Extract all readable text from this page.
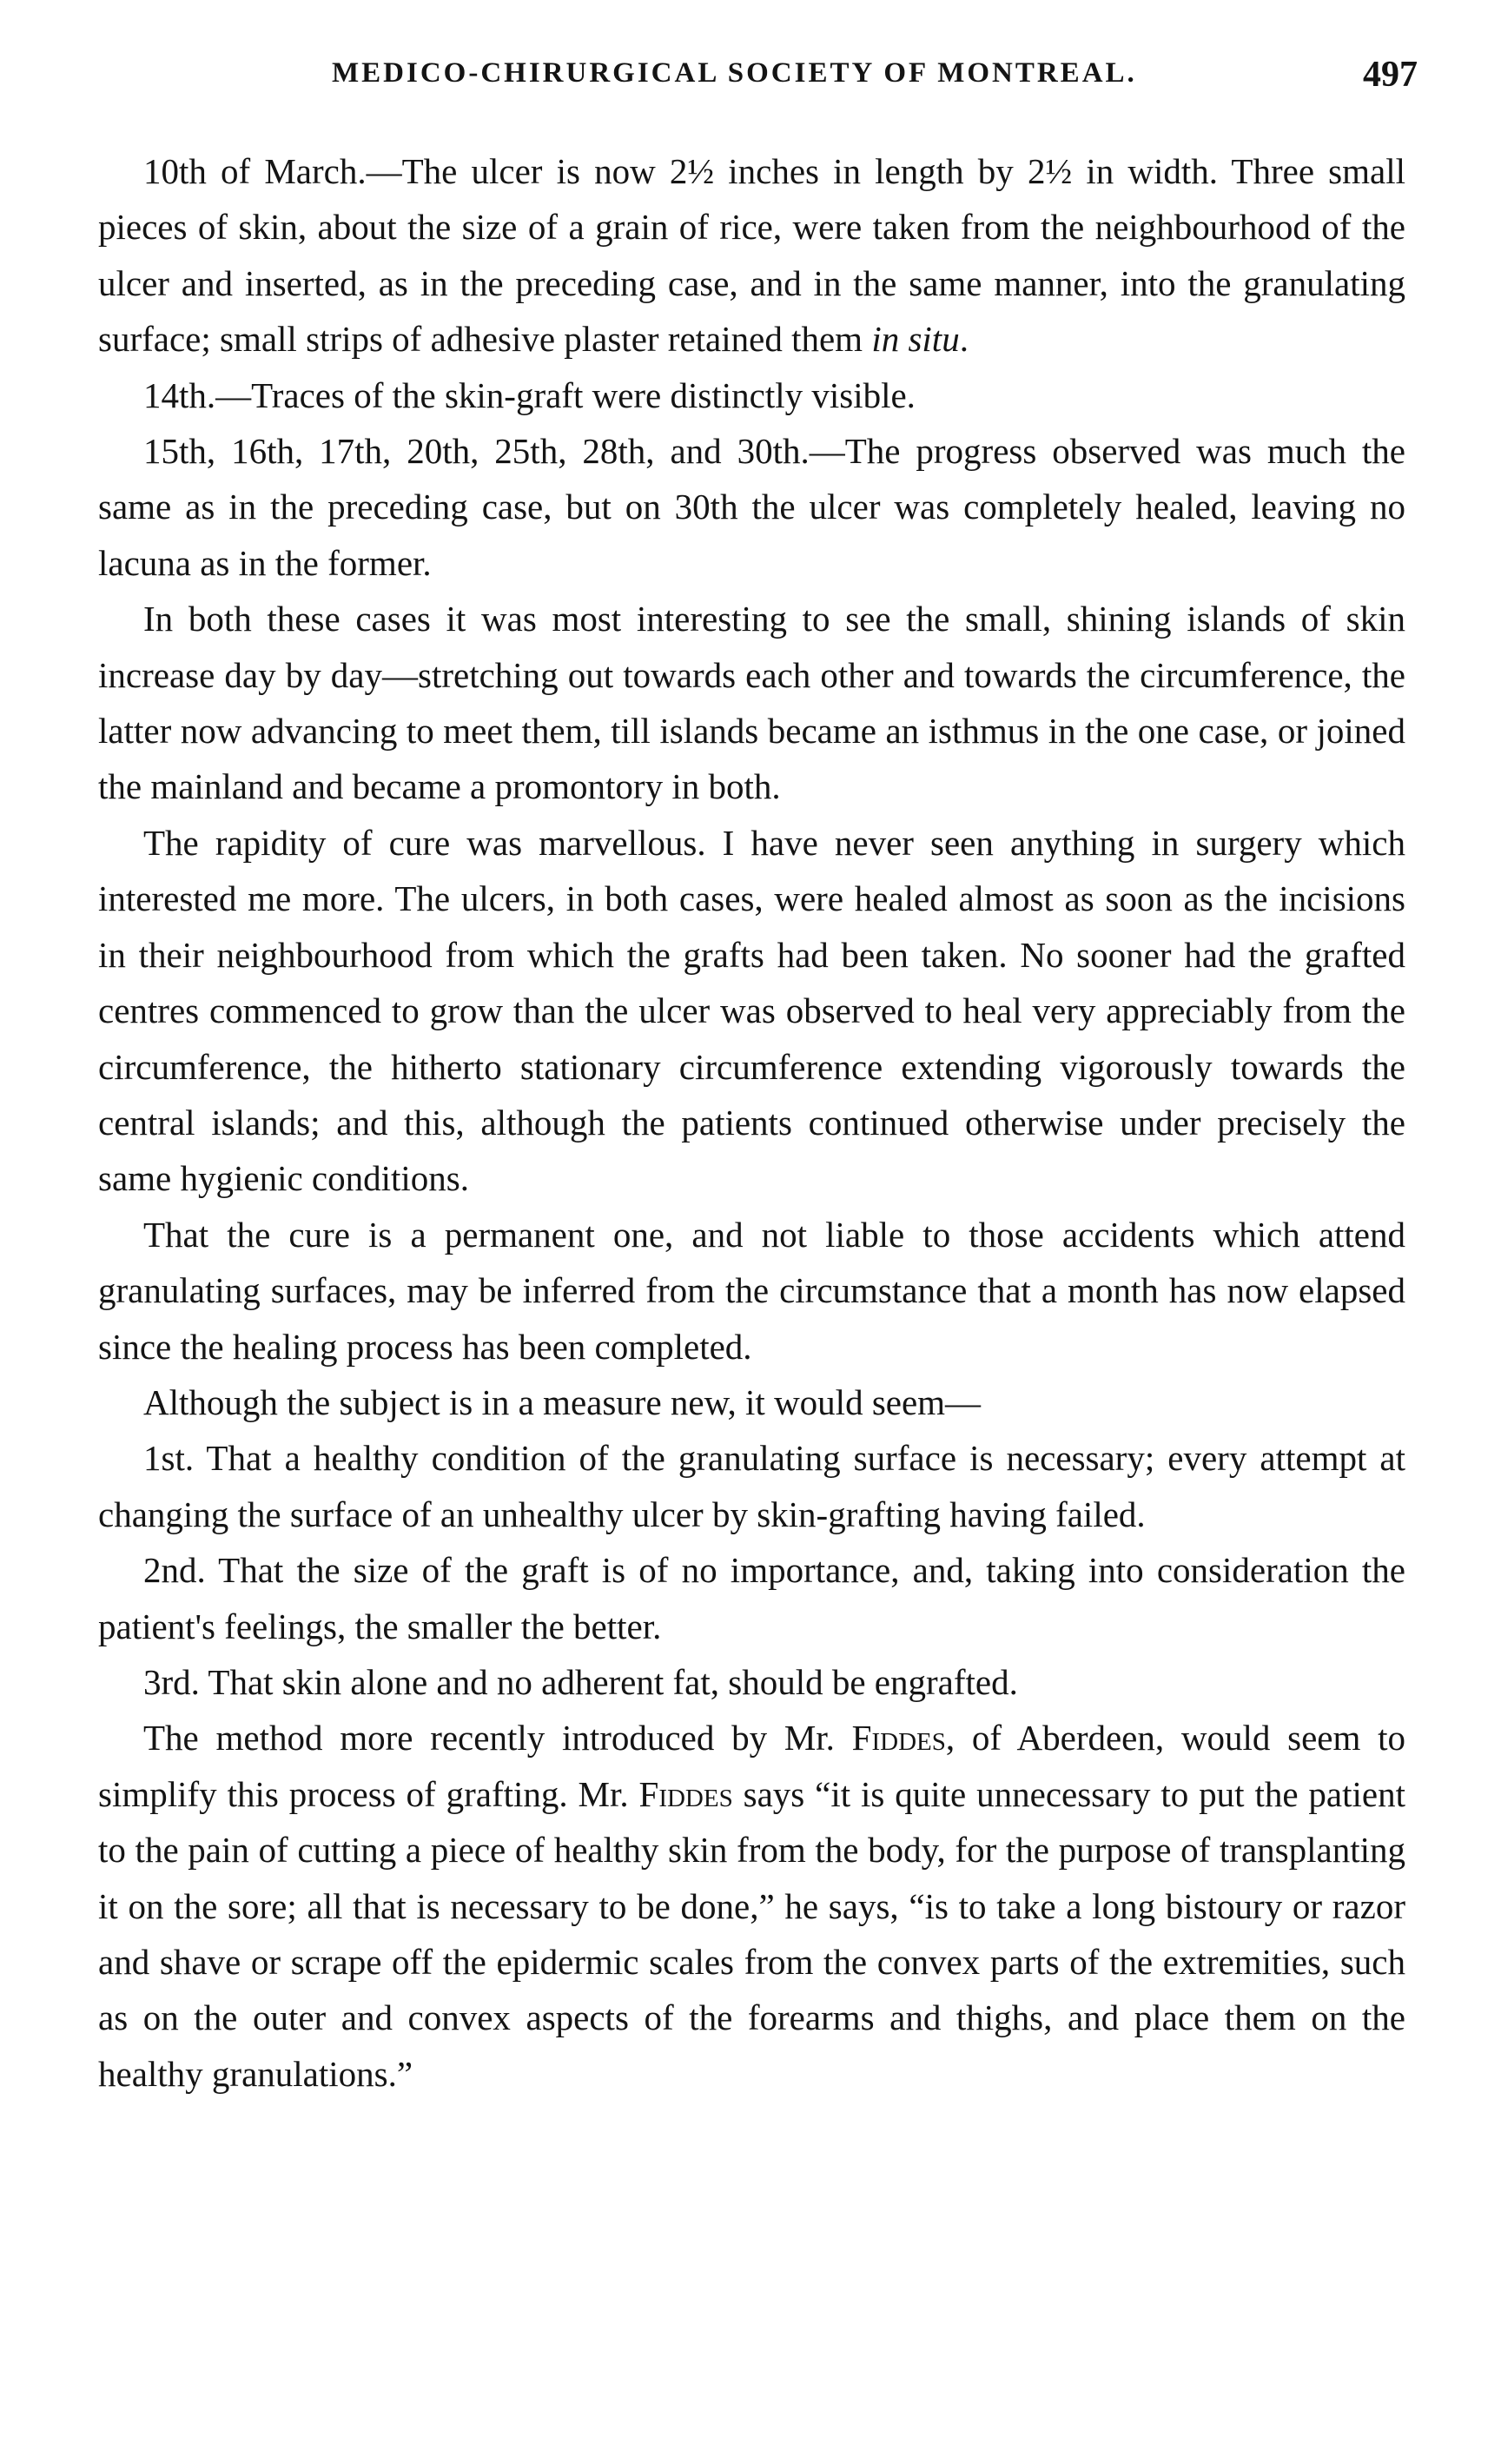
MEDICO-CHIRURGICAL SOCIETY OF MONTREAL.	497

10th of March.—The ulcer is now 2½ inches in length by 2½ in width. Three small pieces of skin, about the size of a grain of rice, were taken from the neighbourhood of the ulcer and inserted, as in the preceding case, and in the same manner, into the granulating surface; small strips of adhesive plaster retained them in situ.

14th.—Traces of the skin-graft were distinctly visible.

15th, 16th, 17th, 20th, 25th, 28th, and 30th.—The progress observed was much the same as in the preceding case, but on 30th the ulcer was completely healed, leaving no lacuna as in the former.

In both these cases it was most interesting to see the small, shining islands of skin increase day by day—stretching out towards each other and towards the circumference, the latter now advancing to meet them, till islands became an isthmus in the one case, or joined the mainland and became a promontory in both.

The rapidity of cure was marvellous. I have never seen anything in surgery which interested me more. The ulcers, in both cases, were healed almost as soon as the incisions in their neighbourhood from which the grafts had been taken. No sooner had the grafted centres commenced to grow than the ulcer was observed to heal very appreciably from the circumference, the hitherto stationary circumference extending vigorously towards the central islands; and this, although the patients continued otherwise under precisely the same hygienic conditions.

That the cure is a permanent one, and not liable to those accidents which attend granulating surfaces, may be inferred from the circumstance that a month has now elapsed since the healing process has been completed.

Although the subject is in a measure new, it would seem—

1st. That a healthy condition of the granulating surface is necessary; every attempt at changing the surface of an unhealthy ulcer by skin-grafting having failed.

2nd. That the size of the graft is of no importance, and, taking into consideration the patient's feelings, the smaller the better.

3rd. That skin alone and no adherent fat, should be engrafted.

The method more recently introduced by Mr. Fiddes, of Aberdeen, would seem to simplify this process of grafting. Mr. Fiddes says “it is quite unnecessary to put the patient to the pain of cutting a piece of healthy skin from the body, for the purpose of transplanting it on the sore; all that is necessary to be done,” he says, “is to take a long bistoury or razor and shave or scrape off the epidermic scales from the convex parts of the extremities, such as on the outer and convex aspects of the forearms and thighs, and place them on the healthy granulations.”
